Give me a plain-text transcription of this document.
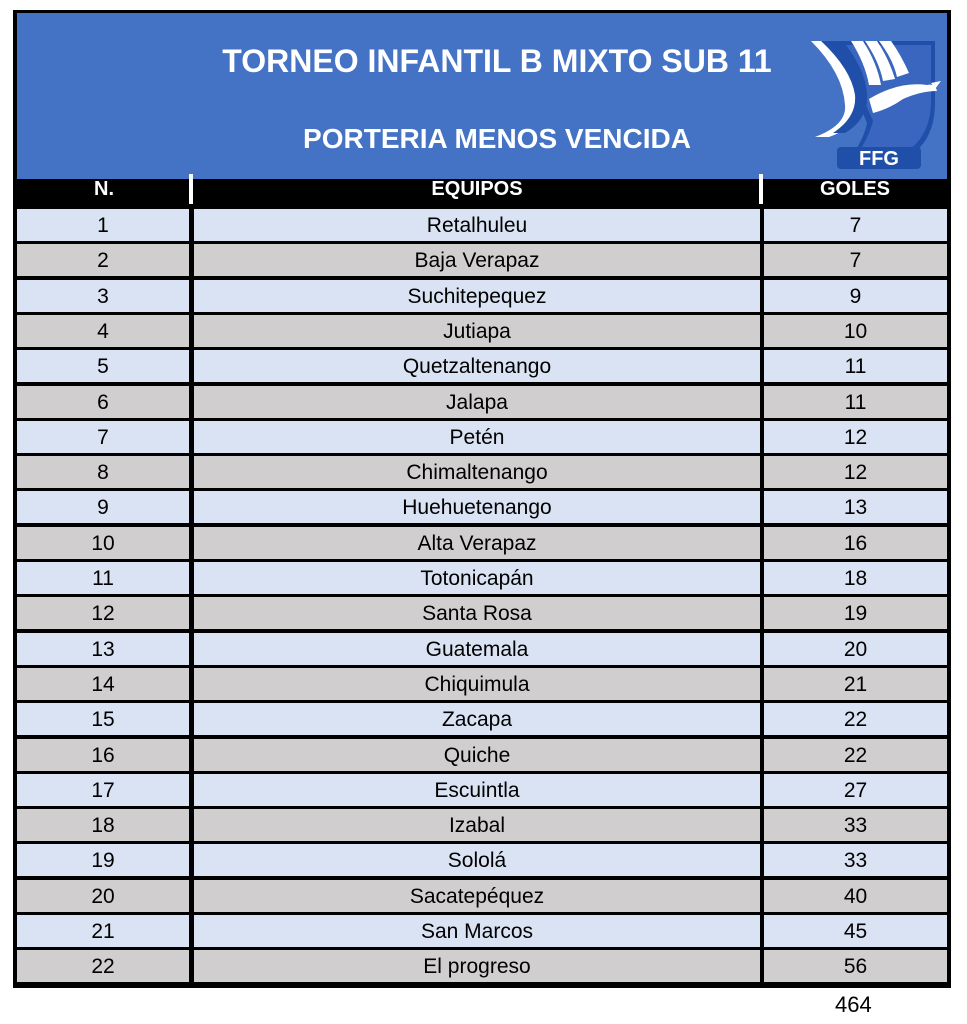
TORNEO INFANTIL B MIXTO SUB 11
PORTERIA MENOS VENCIDA
FFG
N.	EQUIPOS	GOLES
1	Retalhuleu	7
2	Baja Verapaz	7
3	Suchitepequez	9
4	Jutiapa	10
5	Quetzaltenango	11
6	Jalapa	11
7	Petén	12
8	Chimaltenango	12
9	Huehuetenango	13
10	Alta Verapaz	16
11	Totonicapán	18
12	Santa Rosa	19
13	Guatemala	20
14	Chiquimula	21
15	Zacapa	22
16	Quiche	22
17	Escuintla	27
18	Izabal	33
19	Sololá	33
20	Sacatepéquez	40
21	San Marcos	45
22	El progreso	56
464
